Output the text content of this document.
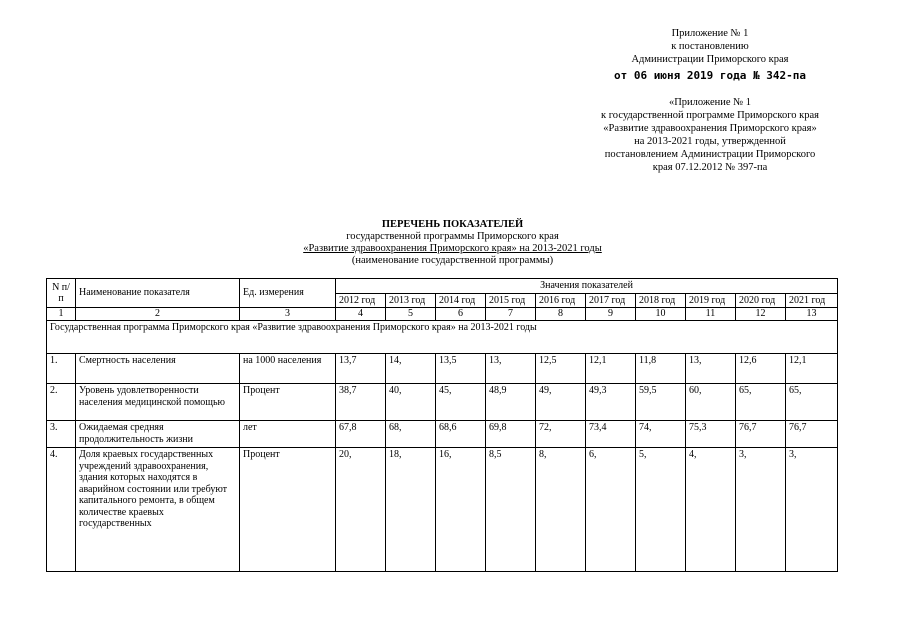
Приложение № 1
к постановлению
Администрации Приморского края
от 06 июня 2019 года № 342-па
«Приложение № 1
к государственной программе Приморского края
«Развитие здравоохранения Приморского края»
на 2013-2021 годы, утвержденной
постановлением Администрации Приморского
края 07.12.2012 № 397-па
ПЕРЕЧЕНЬ ПОКАЗАТЕЛЕЙ
государственной программы Приморского края
«Развитие здравоохранения Приморского края» на 2013-2021 годы
(наименование государственной программы)
N п/п	Наименование показателя	Ед. измерения	Значения показателей									
			2012 год	2013 год	2014 год	2015 год	2016 год	2017 год	2018 год	2019 год	2020 год	2021 год
1	2	3	4	5	6	7	8	9	10	11	12	13
Государственная программа Приморского края «Развитие здравоохранения Приморского края» на 2013-2021 годы												
1.	Смертность населения	на 1000 населения	13,7	14,	13,5	13,	12,5	12,1	11,8	13,	12,6	12,1
2.	Уровень удовлетворенности населения медицинской помощью	Процент	38,7	40,	45,	48,9	49,	49,3	59,5	60,	65,	65,
3.	Ожидаемая средняя продолжительность жизни	лет	67,8	68,	68,6	69,8	72,	73,4	74,	75,3	76,7	76,7
4.	Доля краевых государственных учреждений здравоохранения, здания которых находятся в аварийном состоянии или требуют капитального ремонта, в общем количестве краевых государственных	Процент	20,	18,	16,	8,5	8,	6,	5,	4,	3,	3,
